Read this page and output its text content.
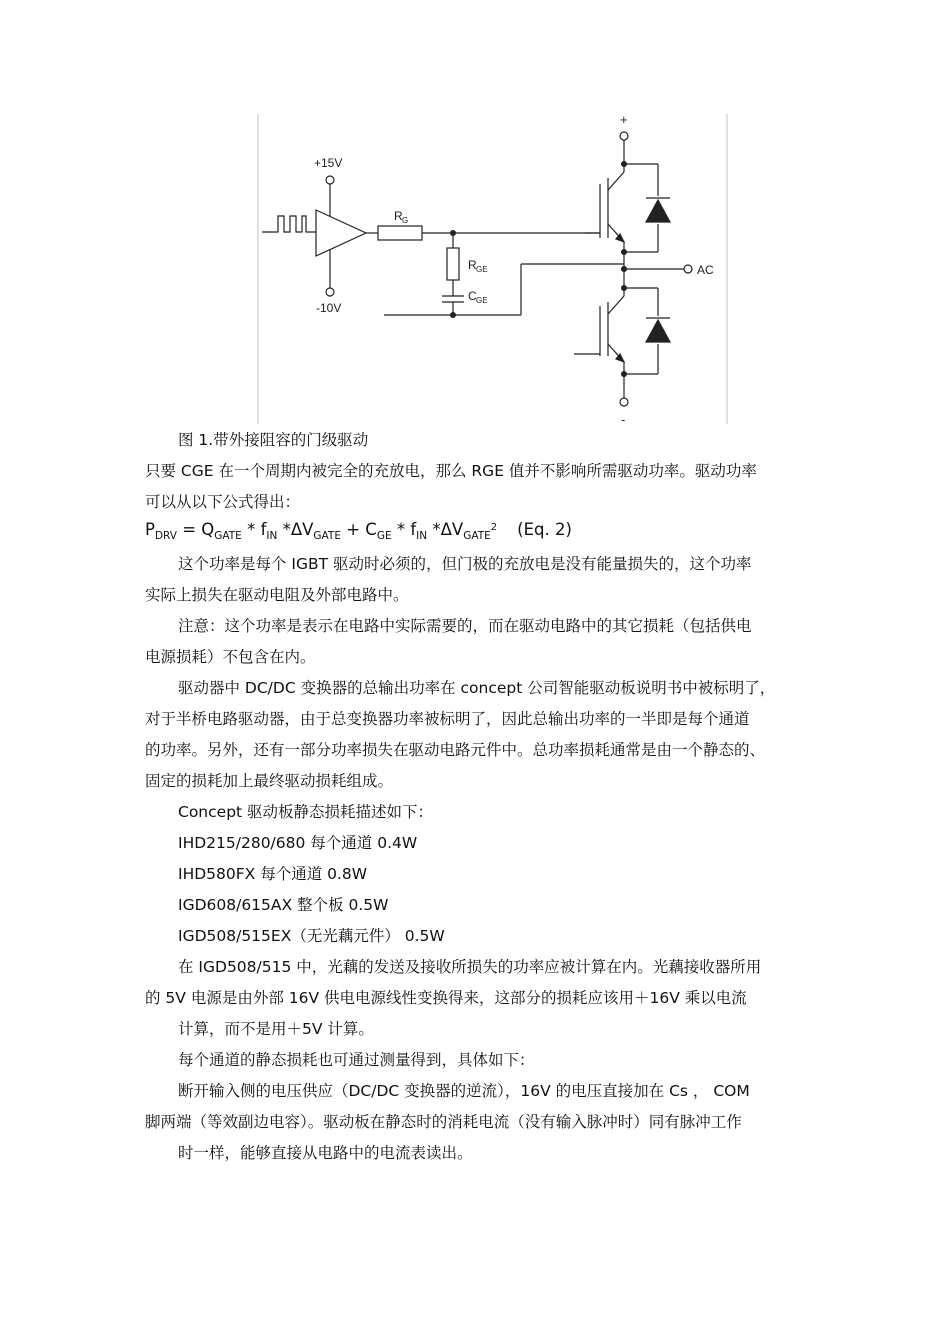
+15V
-10V
R G
R GE
C GE
AC
+
-
图 1.带外接阻容的门级驱动
只要 CGE 在一个周期内被完全的充放电，那么 RGE 值并不影响所需驱动功率。驱动功率
可以从以下公式得出：
$P_{DRV} = Q_{GATE} * f_{IN}$ $*\Delta V_{GATE} + C_{GE} * f_{IN}$ $*\Delta V_{GATE}^2$ (Eq. 2)
这个功率是每个 IGBT 驱动时必须的，但门极的充放电是没有能量损失的，这个功率
实际上损失在驱动电阻及外部电路中。
注意：这个功率是表示在电路中实际需要的，而在驱动电路中的其它损耗（包括供电
电源损耗）不包含在内。
驱动器中 DC/DC 变换器的总输出功率在 concept 公司智能驱动板说明书中被标明了，
对于半桥电路驱动器，由于总变换器功率被标明了，因此总输出功率的一半即是每个通道
的功率。另外，还有一部分功率损失在驱动电路元件中。总功率损耗通常是由一个静态的、
固定的损耗加上最终驱动损耗组成。
Concept 驱动板静态损耗描述如下：
IHD215/280/680 每个通道 0.4W
IHD580FX 每个通道 0.8W
IGD608/615AX 整个板 0.5W
IGD508/515EX（无光藕元件） 0.5W
在 IGD508/515 中，光藕的发送及接收所损失的功率应被计算在内。光藕接收器所用
的 5V 电源是由外部 16V 供电电源线性变换得来，这部分的损耗应该用＋16V 乘以电流
计算，而不是用＋5V 计算。
每个通道的静态损耗也可通过测量得到，具体如下：
断开输入侧的电压供应（DC/DC 变换器的逆流），16V 的电压直接加在 Cs ， COM
脚两端（等效副边电容）。驱动板在静态时的消耗电流（没有输入脉冲时）同有脉冲工作
时一样，能够直接从电路中的电流表读出。
